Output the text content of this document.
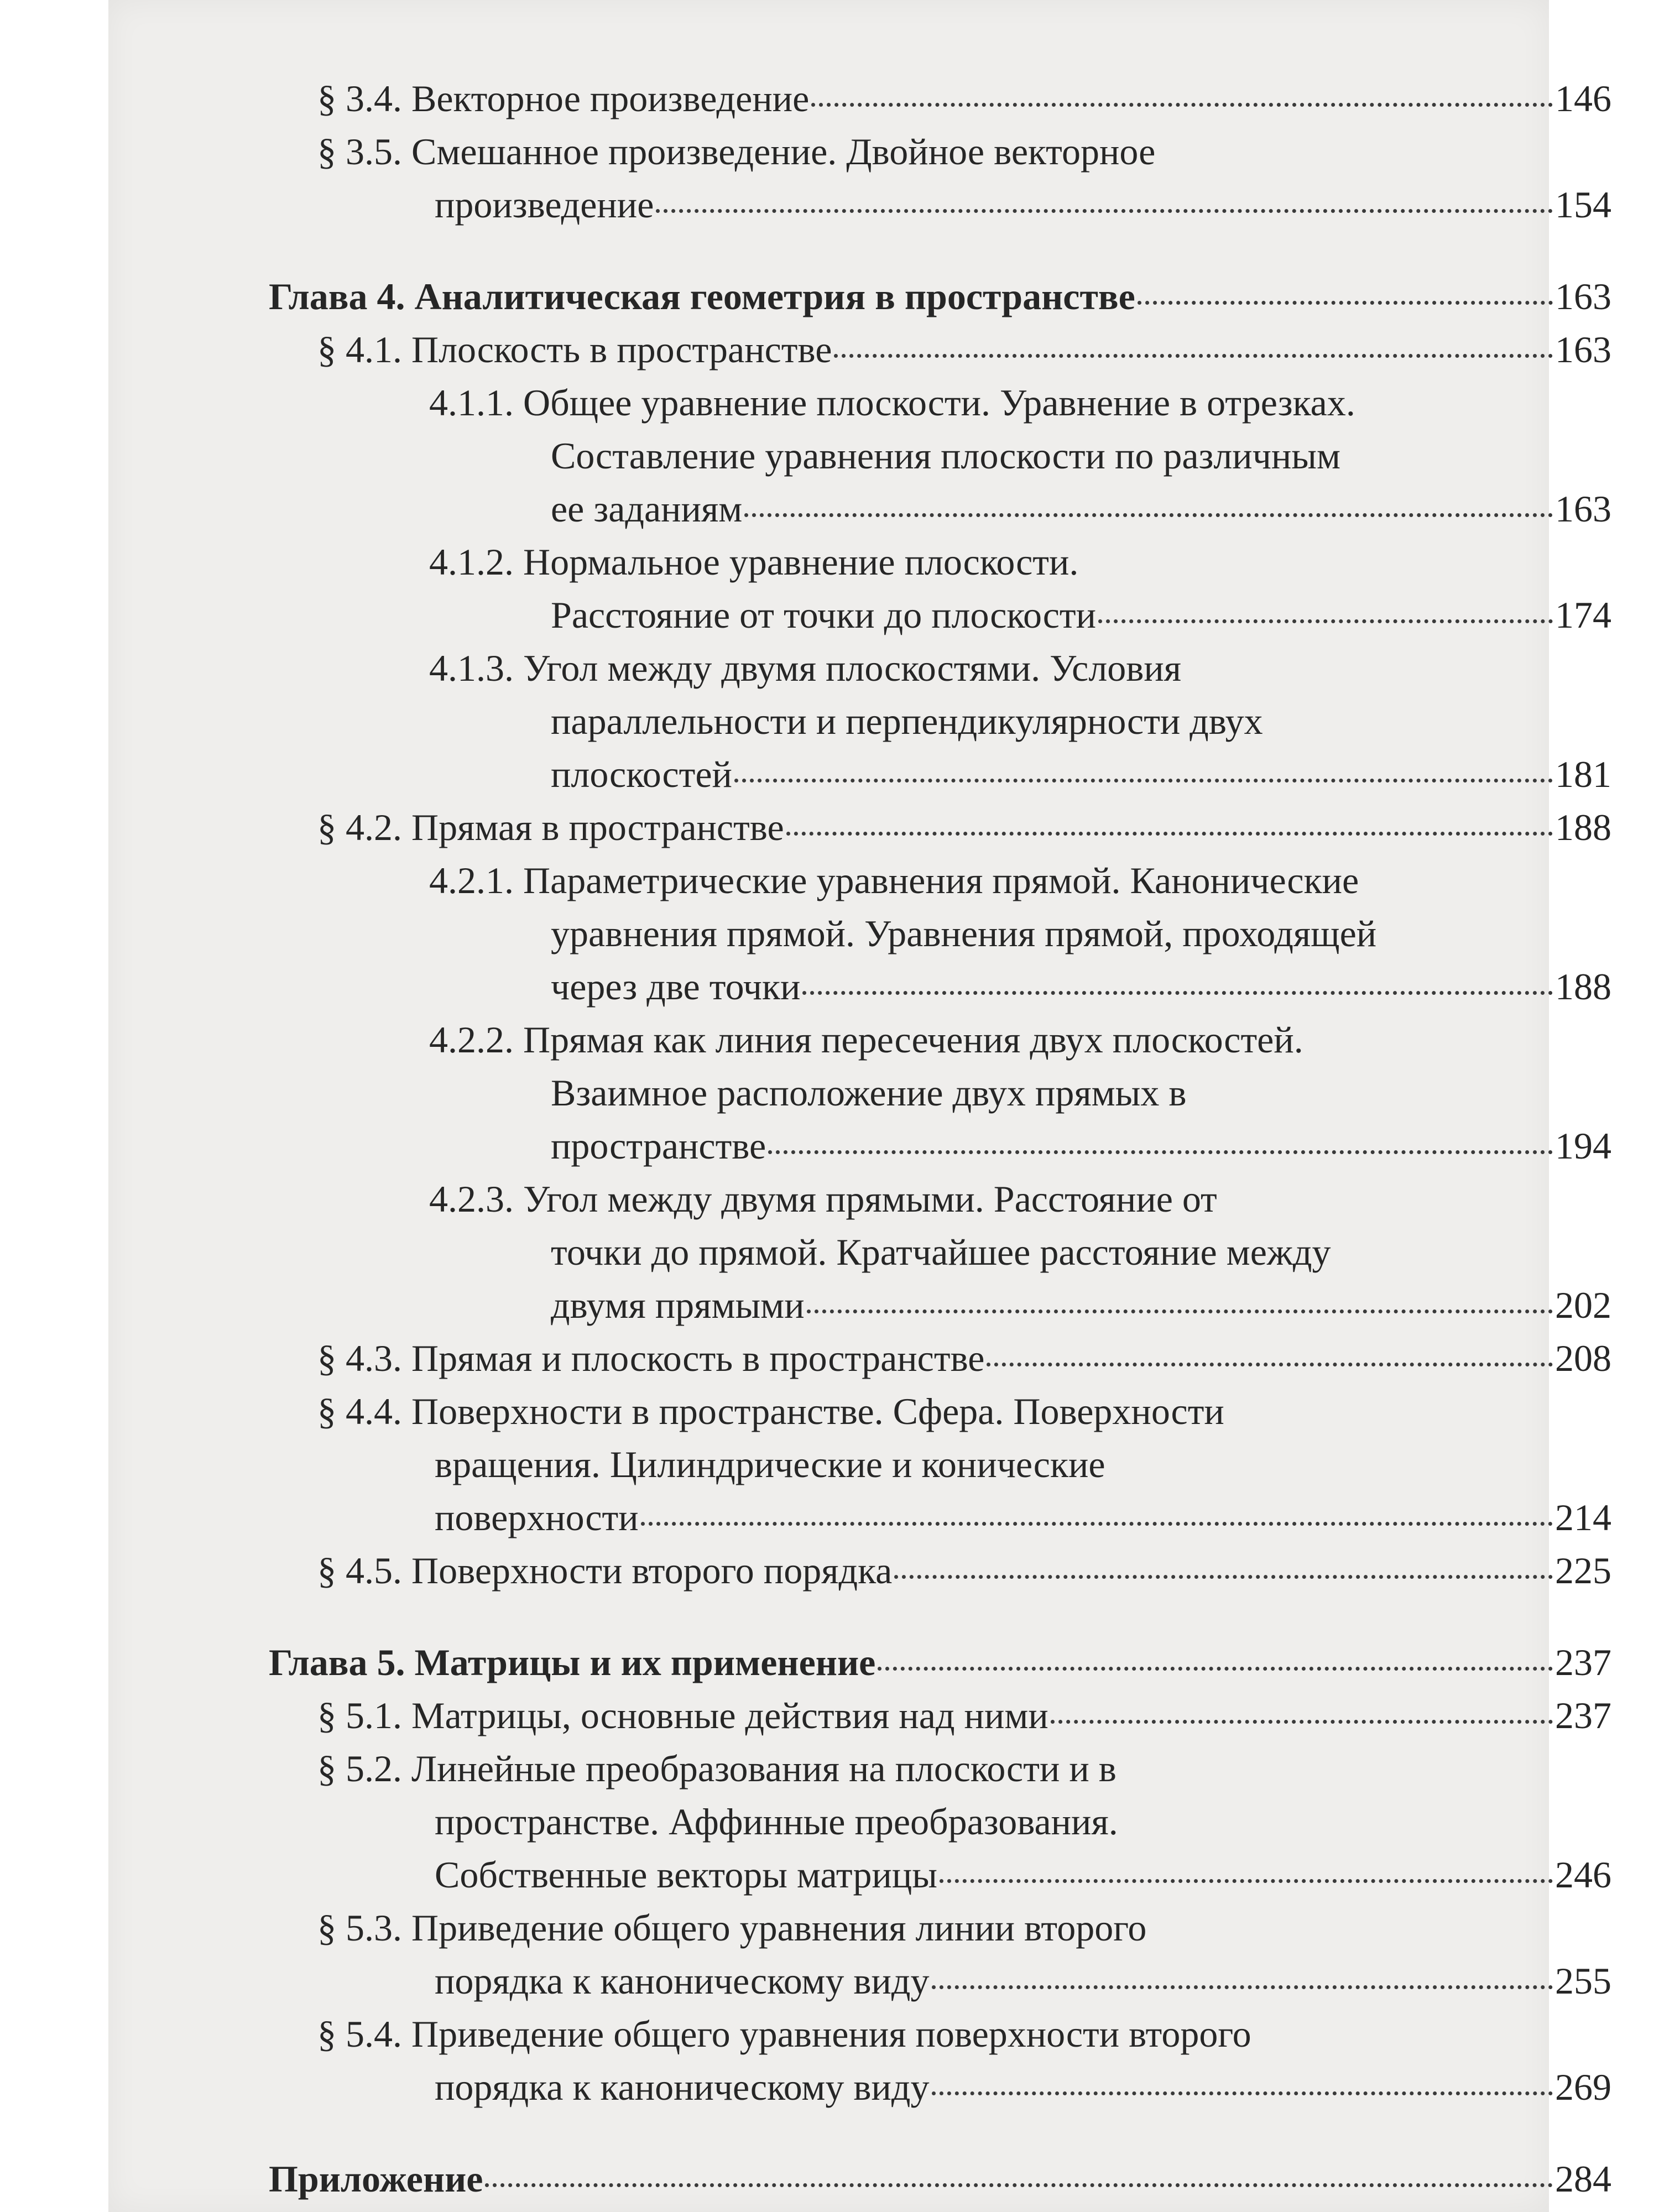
§ 3.4. Векторное произведение	146
§ 3.5. Смешанное произведение. Двойное векторное
произведение	154
Глава 4. Аналитическая геометрия в пространстве	163
§ 4.1. Плоскость в пространстве	163
4.1.1. Общее уравнение плоскости. Уравнение в отрезках.
Составление уравнения плоскости по различным
ее заданиям	163
4.1.2. Нормальное уравнение плоскости.
Расстояние от точки до плоскости	174
4.1.3. Угол между двумя плоскостями. Условия
параллельности и перпендикулярности двух
плоскостей	181
§ 4.2. Прямая в пространстве	188
4.2.1. Параметрические уравнения прямой. Канонические
уравнения прямой. Уравнения прямой, проходящей
через две точки	188
4.2.2. Прямая как линия пересечения двух плоскостей.
Взаимное расположение двух прямых в
пространстве	194
4.2.3. Угол между двумя прямыми. Расстояние от
точки до прямой. Кратчайшее расстояние между
двумя прямыми	202
§ 4.3. Прямая и плоскость в пространстве	208
§ 4.4. Поверхности в пространстве. Сфера. Поверхности
вращения. Цилиндрические и конические
поверхности	214
§ 4.5. Поверхности второго порядка	225
Глава 5. Матрицы и их применение	237
§ 5.1. Матрицы, основные действия над ними	237
§ 5.2. Линейные преобразования на плоскости и в
пространстве. Аффинные преобразования.
Собственные векторы матрицы	246
§ 5.3. Приведение общего уравнения линии второго
порядка к каноническому виду	255
§ 5.4. Приведение общего уравнения поверхности второго
порядка к каноническому виду	269
Приложение	284
